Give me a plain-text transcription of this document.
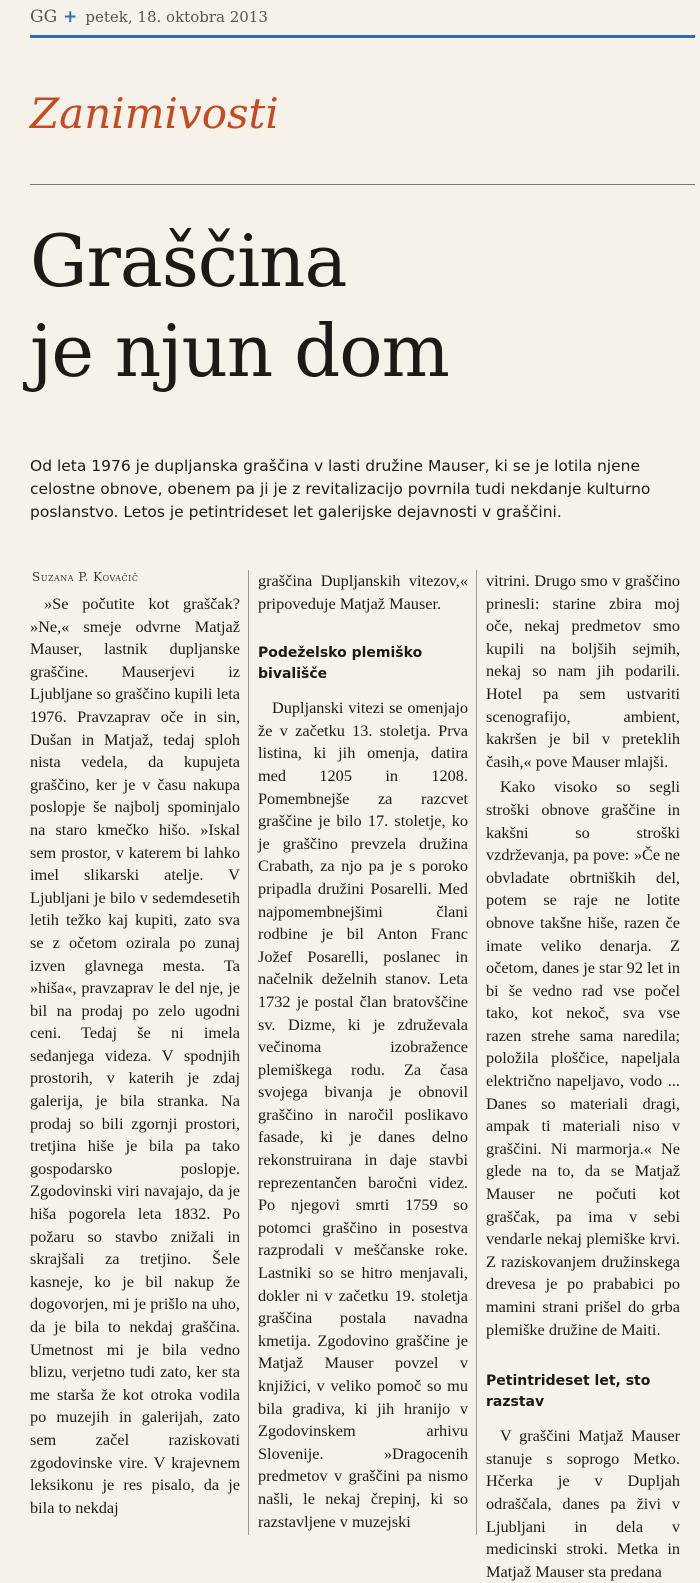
GG + petek, 18. oktobra 2013
Zanimivosti
Graščina
je njun dom
Od leta 1976 je dupljanska graščina v lasti družine Mauser, ki se je lotila njene celostne obnove, obenem pa ji je z revitalizacijo povrnila tudi nekdanje kulturno poslanstvo. Letos je petintrideset let galerijske dejavnosti v graščini.
Suzana P. Kovačič

»Se počutite kot graščak? »Ne,« smeje odvrne Matjaž Mauser, lastnik dupljanske graščine. Mauserjevi iz Ljubljane so graščino kupili leta 1976. Pravzaprav oče in sin, Dušan in Matjaž, tedaj sploh nista vedela, da kupujeta graščino, ker je v času nakupa poslopje še najbolj spominjalo na staro kmečko hišo. »Iskal sem prostor, v katerem bi lahko imel slikarski atelje. V Ljubljani je bilo v sedemdesetih letih težko kaj kupiti, zato sva se z očetom ozirala po zunaj izven glavnega mesta. Ta »hiša«, pravzaprav le del nje, je bil na prodaj po zelo ugodni ceni. Tedaj še ni imela sedanjega videza. V spodnjih prostorih, v katerih je zdaj galerija, je bila stranka. Na prodaj so bili zgornji prostori, tretjina hiše je bila pa tako gospodarsko poslopje. Zgodovinski viri navajajo, da je hiša pogorela leta 1832. Po požaru so stavbo znižali in skrajšali za tretjino. Šele kasneje, ko je bil nakup že dogovorjen, mi je prišlo na uho, da je bila to nekdaj graščina. Umetnost mi je bila vedno blizu, verjetno tudi zato, ker sta me starša že kot otroka vodila po muzejih in galerijah, zato sem začel raziskovati zgodovinske vire. V krajevnem leksikonu je res pisalo, da je bila to nekdaj

graščina Dupljanskih vitezov,« pripoveduje Matjaž Mauser.

Podeželsko plemiško bivališče

Dupljanski vitezi se omenjajo že v začetku 13. stoletja. Prva listina, ki jih omenja, datira med 1205 in 1208. Pomembnejše za razcvet graščine je bilo 17. stoletje, ko je graščino prevzela družina Crabath, za njo pa je s poroko pripadla družini Posarelli. Med najpomembnejšimi člani rodbine je bil Anton Franc Jožef Posarelli, poslanec in načelnik deželnih stanov. Leta 1732 je postal član bratovščine sv. Dizme, ki je združevala večinoma izobražence plemiškega rodu. Za časa svojega bivanja je obnovil graščino in naročil poslikavo fasade, ki je danes delno rekonstruirana in daje stavbi reprezentančen baročni videz. Po njegovi smrti 1759 so potomci graščino in posestva razprodali v meščanske roke. Lastniki so se hitro menjavali, dokler ni v začetku 19. stoletja graščina postala navadna kmetija. Zgodovino graščine je Matjaž Mauser povzel v knjižici, v veliko pomoč so mu bila gradiva, ki jih hranijo v Zgodovinskem arhivu Slovenije. »Dragocenih predmetov v graščini pa nismo našli, le nekaj črepinj, ki so razstavljene v muzejski

vitrini. Drugo smo v graščino prinesli: starine zbira moj oče, nekaj predmetov smo kupili na boljših sejmih, nekaj so nam jih podarili. Hotel pa sem ustvariti scenografijo, ambient, kakršen je bil v preteklih časih,« pove Mauser mlajši.

Kako visoko so segli stroški obnove graščine in kakšni so stroški vzdrževanja, pa pove: »Če ne obvladate obrtniških del, potem se raje ne lotite obnove takšne hiše, razen če imate veliko denarja. Z očetom, danes je star 92 let in bi še vedno rad vse počel tako, kot nekoč, sva vse razen strehe sama naredila; položila ploščice, napeljala električno napeljavo, vodo ... Danes so materiali dragi, ampak ti materiali niso v graščini. Ni marmorja.« Ne glede na to, da se Matjaž Mauser ne počuti kot graščak, pa ima v sebi vendarle nekaj plemiške krvi. Z raziskovanjem družinskega drevesa je po prababici po mamini strani prišel do grba plemiške družine de Maiti.

Petintrideset let, sto razstav

V graščini Matjaž Mauser stanuje s soprogo Metko. Hčerka je v Dupljah odraščala, danes pa živi v Ljubljani in dela v medicinski stroki. Metka in Matjaž Mauser sta predana
